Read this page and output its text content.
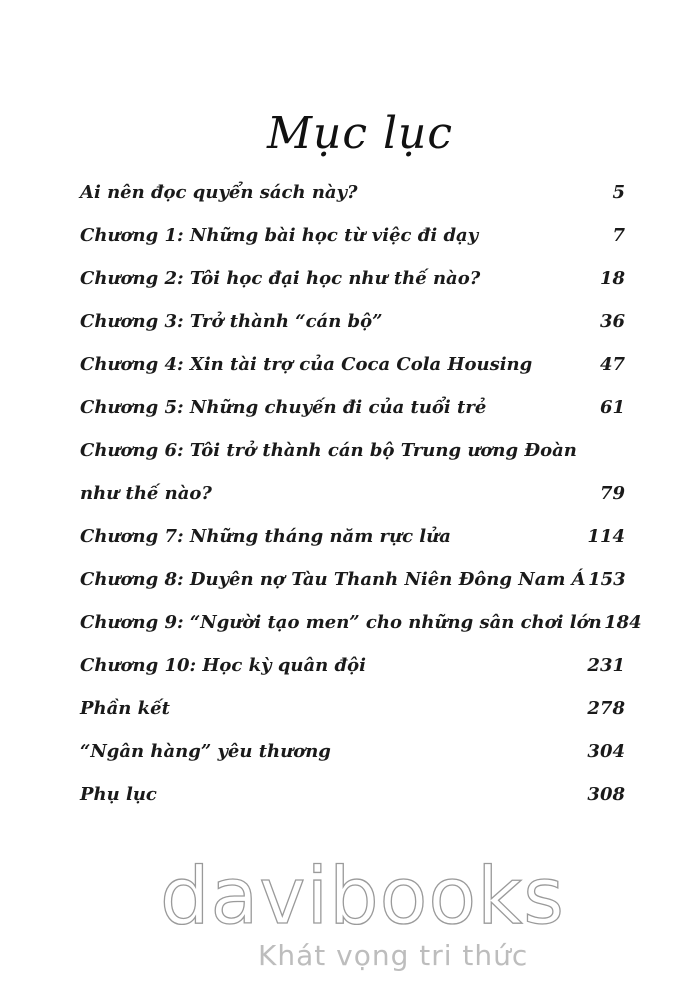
Mục lục
Ai nên đọc quyển sách này?	5
Chương 1: Những bài học từ việc đi dạy	7
Chương 2: Tôi học đại học như thế nào?	18
Chương 3: Trở thành “cán bộ”	36
Chương 4: Xin tài trợ của Coca Cola Housing	47
Chương 5: Những chuyến đi của tuổi trẻ	61
Chương 6: Tôi trở thành cán bộ Trung ương Đoàn
như thế nào?	79
Chương 7: Những tháng năm rực lửa	114
Chương 8: Duyên nợ Tàu Thanh Niên Đông Nam Á 153
Chương 9: “Người tạo men” cho những sân chơi lớn 184
Chương 10: Học kỳ quân đội	231
Phần kết	278
“Ngân hàng” yêu thương	304
Phụ lục	308
davibooks
Khát vọng tri thức
